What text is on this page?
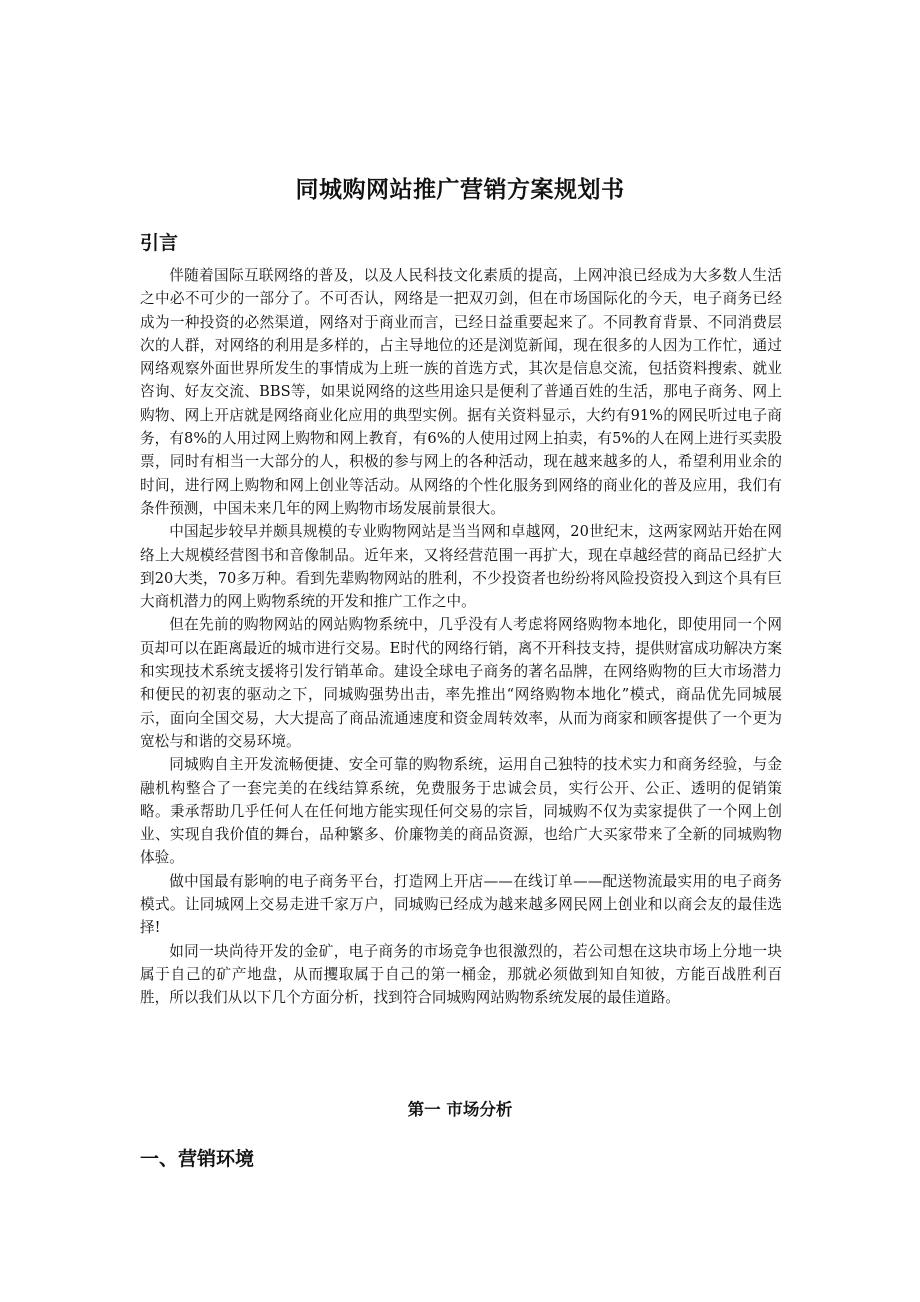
同城购网站推广营销方案规划书
引言

伴随着国际互联网络的普及，以及人民科技文化素质的提高，上网冲浪已经成为大多数人生活之中必不可少的一部分了。不可否认，网络是一把双刃剑，但在市场国际化的今天，电子商务已经成为一种投资的必然渠道，网络对于商业而言，已经日益重要起来了。不同教育背景、不同消费层次的人群，对网络的利用是多样的，占主导地位的还是浏览新闻，现在很多的人因为工作忙，通过网络观察外面世界所发生的事情成为上班一族的首选方式，其次是信息交流，包括资料搜索、就业咨询、好友交流、BBS等，如果说网络的这些用途只是便利了普通百姓的生活，那电子商务、网上购物、网上开店就是网络商业化应用的典型实例。据有关资料显示，大约有91%的网民听过电子商务，有8%的人用过网上购物和网上教育，有6%的人使用过网上拍卖，有5%的人在网上进行买卖股票，同时有相当一大部分的人，积极的参与网上的各种活动，现在越来越多的人，希望利用业余的时间，进行网上购物和网上创业等活动。从网络的个性化服务到网络的商业化的普及应用，我们有条件预测，中国未来几年的网上购物市场发展前景很大。

中国起步较早并颇具规模的专业购物网站是当当网和卓越网，20世纪末，这两家网站开始在网络上大规模经营图书和音像制品。近年来，又将经营范围一再扩大，现在卓越经营的商品已经扩大到20大类，70多万种。看到先辈购物网站的胜利，不少投资者也纷纷将风险投资投入到这个具有巨大商机潜力的网上购物系统的开发和推广工作之中。

但在先前的购物网站的网站购物系统中，几乎没有人考虑将网络购物本地化，即使用同一个网页却可以在距离最近的城市进行交易。E时代的网络行销，离不开科技支持，提供财富成功解决方案和实现技术系统支援将引发行销革命。建设全球电子商务的著名品牌，在网络购物的巨大市场潜力和便民的初衷的驱动之下，同城购强势出击，率先推出“网络购物本地化”模式，商品优先同城展示，面向全国交易，大大提高了商品流通速度和资金周转效率，从而为商家和顾客提供了一个更为宽松与和谐的交易环境。

同城购自主开发流畅便捷、安全可靠的购物系统，运用自己独特的技术实力和商务经验，与金融机构整合了一套完美的在线结算系统，免费服务于忠诚会员，实行公开、公正、透明的促销策略。秉承帮助几乎任何人在任何地方能实现任何交易的宗旨，同城购不仅为卖家提供了一个网上创业、实现自我价值的舞台，品种繁多、价廉物美的商品资源，也给广大买家带来了全新的同城购物体验。

做中国最有影响的电子商务平台，打造网上开店——在线订单——配送物流最实用的电子商务模式。让同城网上交易走进千家万户，同城购已经成为越来越多网民网上创业和以商会友的最佳选择!

如同一块尚待开发的金矿，电子商务的市场竞争也很激烈的，若公司想在这块市场上分地一块属于自己的矿产地盘，从而攫取属于自己的第一桶金，那就必须做到知自知彼，方能百战胜利百胜，所以我们从以下几个方面分析，找到符合同城购网站购物系统发展的最佳道路。

第一 市场分析
一、营销环境
